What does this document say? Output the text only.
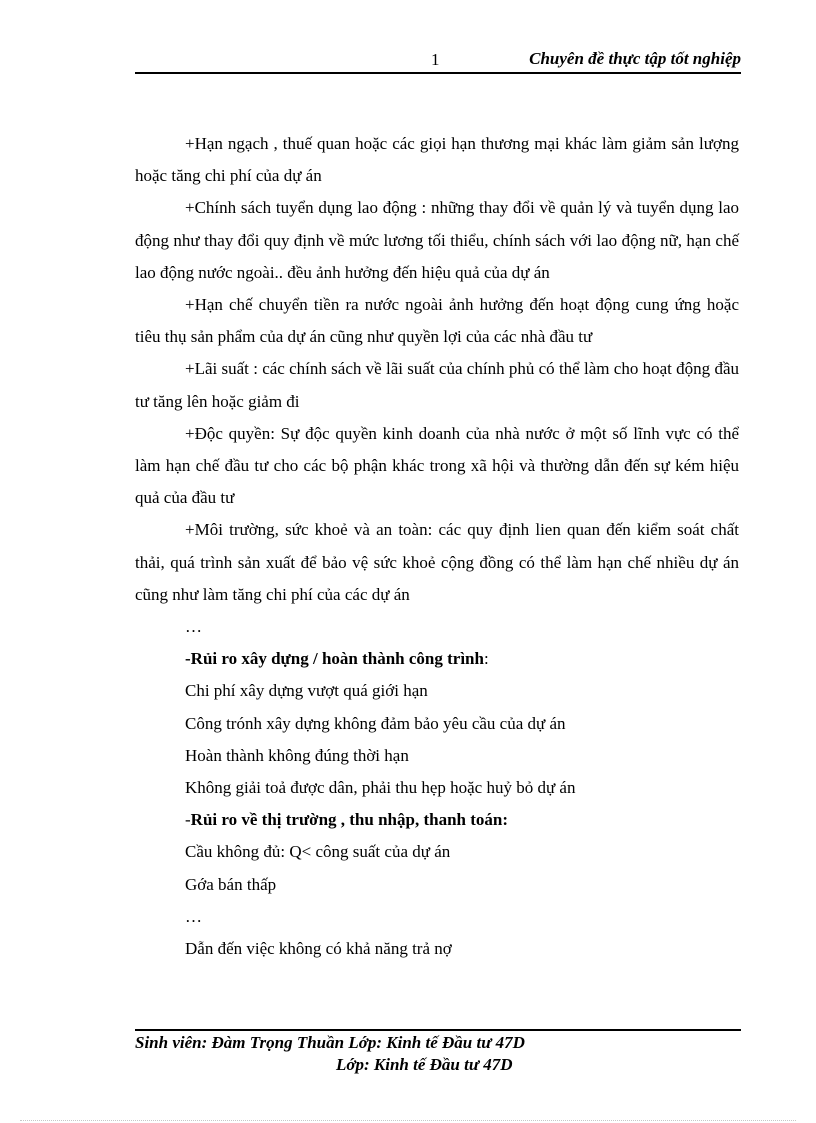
1	Chuyên đề thực tập tốt nghiệp

+Hạn ngạch , thuế quan hoặc các giọi hạn thương mại khác làm giảm sản lượng hoặc tăng chi phí của dự án

+Chính sách tuyển dụng lao động : những thay đổi về quản lý và tuyển dụng lao động như thay đổi quy định về mức lương tối thiểu, chính sách với lao động nữ, hạn chế lao động nước ngoài.. đều ảnh hưởng đến hiệu quả của dự án

+Hạn chế chuyển tiền ra nước ngoài ảnh hưởng đến hoạt động cung ứng hoặc tiêu thụ sản phẩm của dự án cũng như quyền lợi của các nhà đầu tư

+Lãi suất : các chính sách về lãi suất của chính phủ có thể làm cho hoạt động đầu tư tăng lên hoặc giảm đi

+Độc quyền: Sự độc quyền kinh doanh của nhà nước ở một số lĩnh vực có thể làm hạn chế đầu tư cho các bộ phận khác trong xã hội và thường dẫn đến sự kém hiệu quả của đầu tư

+Môi trường, sức khoẻ và an toàn: các quy định lien quan đến kiểm soát chất thải, quá trình sản xuất để bảo vệ sức khoẻ cộng đồng có thể làm hạn chế nhiều dự án cũng như làm tăng chi phí của các dự án

…

-Rủi ro xây dựng / hoàn thành công trình:

Chi phí xây dựng vượt quá giới hạn

Công trónh xây dựng không đảm bảo yêu cầu của dự án

Hoàn thành không đúng thời hạn

Không giải toả được dân, phải thu hẹp hoặc huỷ bỏ dự án

-Rủi ro về thị trường , thu nhập, thanh toán:

Cầu không đủ: Q< công suất của dự án

Gớa bán thấp

…

Dẫn đến việc không có khả năng trả nợ

Sinh viên: Đàm Trọng Thuần Lớp: Kinh tế Đầu tư 47D
Lớp: Kinh tế Đầu tư 47D
